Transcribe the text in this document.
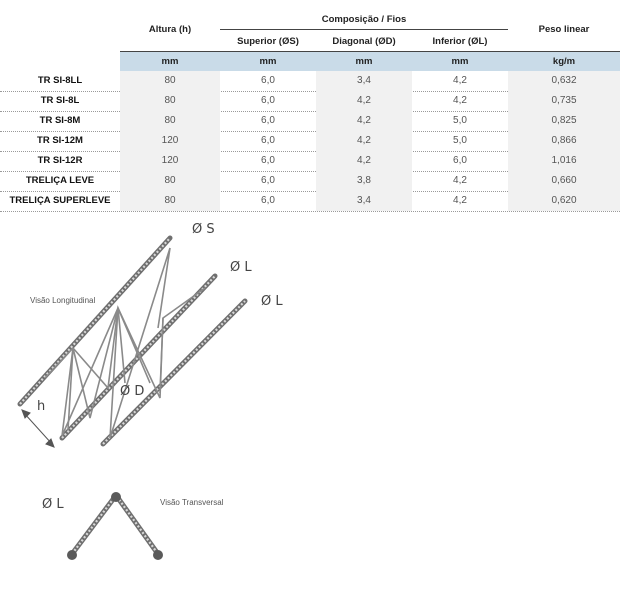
Altura (h)
Composição / Fios
Peso linear
Superior (ØS)	Diagonal (ØD)	Inferior (ØL)
mm	mm	mm	mm	kg/m
TR SI-8LL	80	6,0	3,4	4,2	0,632
TR SI-8L	80	6,0	4,2	4,2	0,735
TR SI-8M	80	6,0	4,2	5,0	0,825
TR SI-12M	120	6,0	4,2	5,0	0,866
TR SI-12R	120	6,0	4,2	6,0	1,016
TRELIÇA LEVE	80	6,0	3,8	4,2	0,660
TRELIÇA SUPERLEVE	80	6,0	3,4	4,2	0,620
Ø S
Ø L
Ø L
Visão Longitudinal
Ø D
h
Ø L	Visão Transversal
